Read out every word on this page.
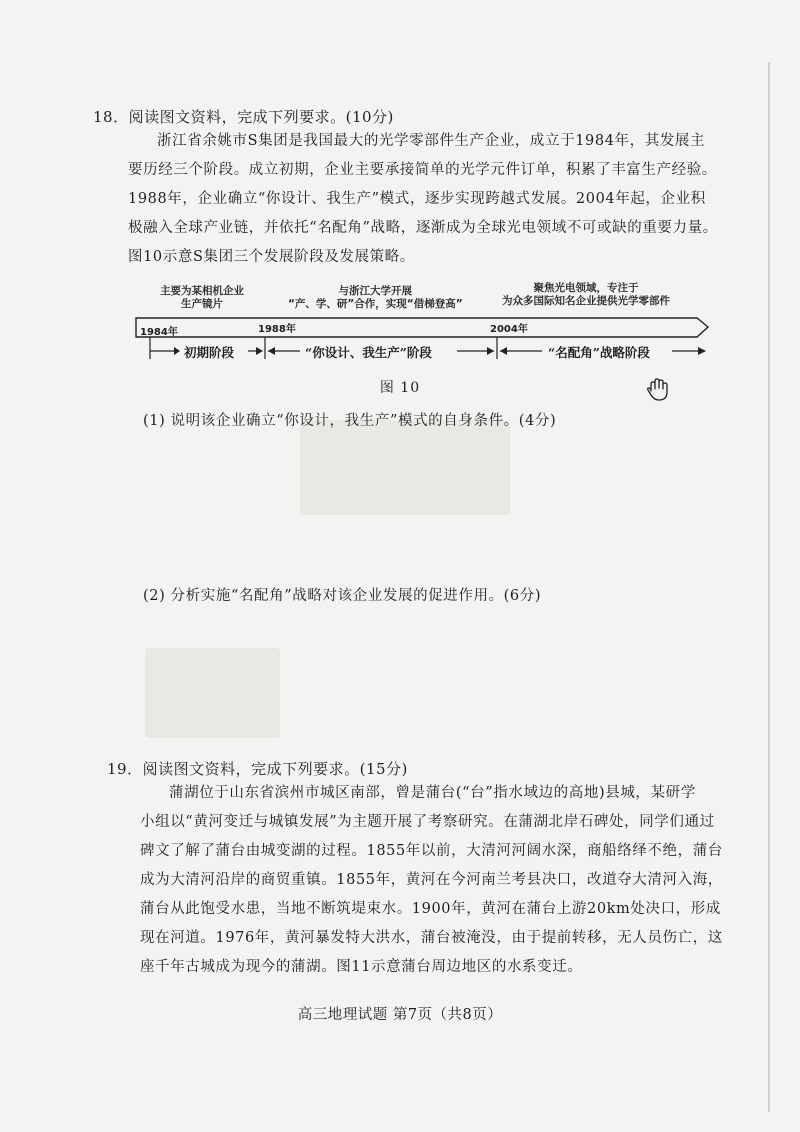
18．阅读图文资料，完成下列要求。(10分)

浙江省余姚市S集团是我国最大的光学零部件生产企业，成立于1984年，其发展主

要历经三个阶段。成立初期，企业主要承接简单的光学元件订单，积累了丰富生产经验。

1988年，企业确立“你设计、我生产”模式，逐步实现跨越式发展。2004年起，企业积

极融入全球产业链，并依托“名配角”战略，逐渐成为全球光电领域不可或缺的重要力量。

图10示意S集团三个发展阶段及发展策略。

主要为某相机企业
生产镜片
与浙江大学开展
“产、学、研”合作，实现“借梯登高”
聚焦光电领域，专注于
为众多国际知名企业提供光学零部件
1984年	1988年	2004年
初期阶段	“你设计、我生产”阶段	“名配角”战略阶段
图 10
(1) 说明该企业确立“你设计，我生产”模式的自身条件。(4分)
(2) 分析实施“名配角”战略对该企业发展的促进作用。(6分)
19．阅读图文资料，完成下列要求。(15分)

蒲湖位于山东省滨州市城区南部，曾是蒲台(“台”指水域边的高地)县城，某研学

小组以“黄河变迁与城镇发展”为主题开展了考察研究。在蒲湖北岸石碑处，同学们通过

碑文了解了蒲台由城变湖的过程。1855年以前，大清河河阔水深，商船络绎不绝，蒲台

成为大清河沿岸的商贸重镇。1855年，黄河在今河南兰考县决口，改道夺大清河入海，

蒲台从此饱受水患，当地不断筑堤束水。1900年，黄河在蒲台上游20km处决口，形成

现在河道。1976年，黄河暴发特大洪水，蒲台被淹没，由于提前转移，无人员伤亡，这

座千年古城成为现今的蒲湖。图11示意蒲台周边地区的水系变迁。

高三地理试题 第7页（共8页）
